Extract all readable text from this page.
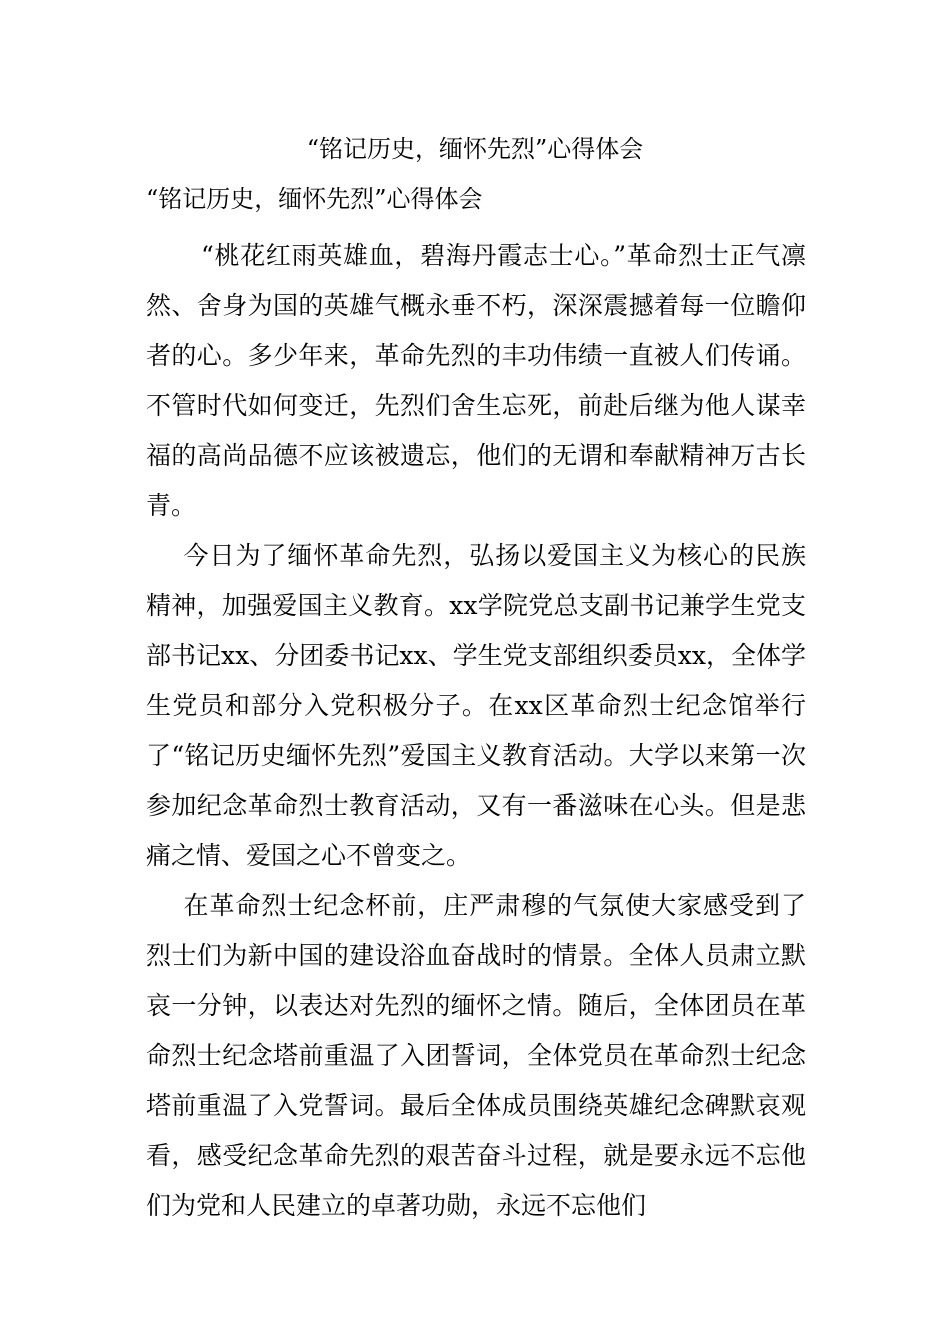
“铭记历史，缅怀先烈”心得体会
“铭记历史，缅怀先烈”心得体会

“桃花红雨英雄血，碧海丹霞志士心。”革命烈士正气凛然、舍身为国的英雄气概永垂不朽，深深震撼着每一位瞻仰者的心。多少年来，革命先烈的丰功伟绩一直被人们传诵。不管时代如何变迁，先烈们舍生忘死，前赴后继为他人谋幸福的高尚品德不应该被遗忘，他们的无谓和奉献精神万古长青。

今日为了缅怀革命先烈，弘扬以爱国主义为核心的民族精神，加强爱国主义教育。xx学院党总支副书记兼学生党支部书记xx、分团委书记xx、学生党支部组织委员xx，全体学生党员和部分入党积极分子。在xx区革命烈士纪念馆举行了“铭记历史缅怀先烈”爱国主义教育活动。大学以来第一次参加纪念革命烈士教育活动，又有一番滋味在心头。但是悲痛之情、爱国之心不曾变之。

在革命烈士纪念杯前，庄严肃穆的气氛使大家感受到了烈士们为新中国的建设浴血奋战时的情景。全体人员肃立默哀一分钟，以表达对先烈的缅怀之情。随后，全体团员在革命烈士纪念塔前重温了入团誓词，全体党员在革命烈士纪念塔前重温了入党誓词。最后全体成员围绕英雄纪念碑默哀观看，感受纪念革命先烈的艰苦奋斗过程，就是要永远不忘他们为党和人民建立的卓著功勋，永远不忘他们
